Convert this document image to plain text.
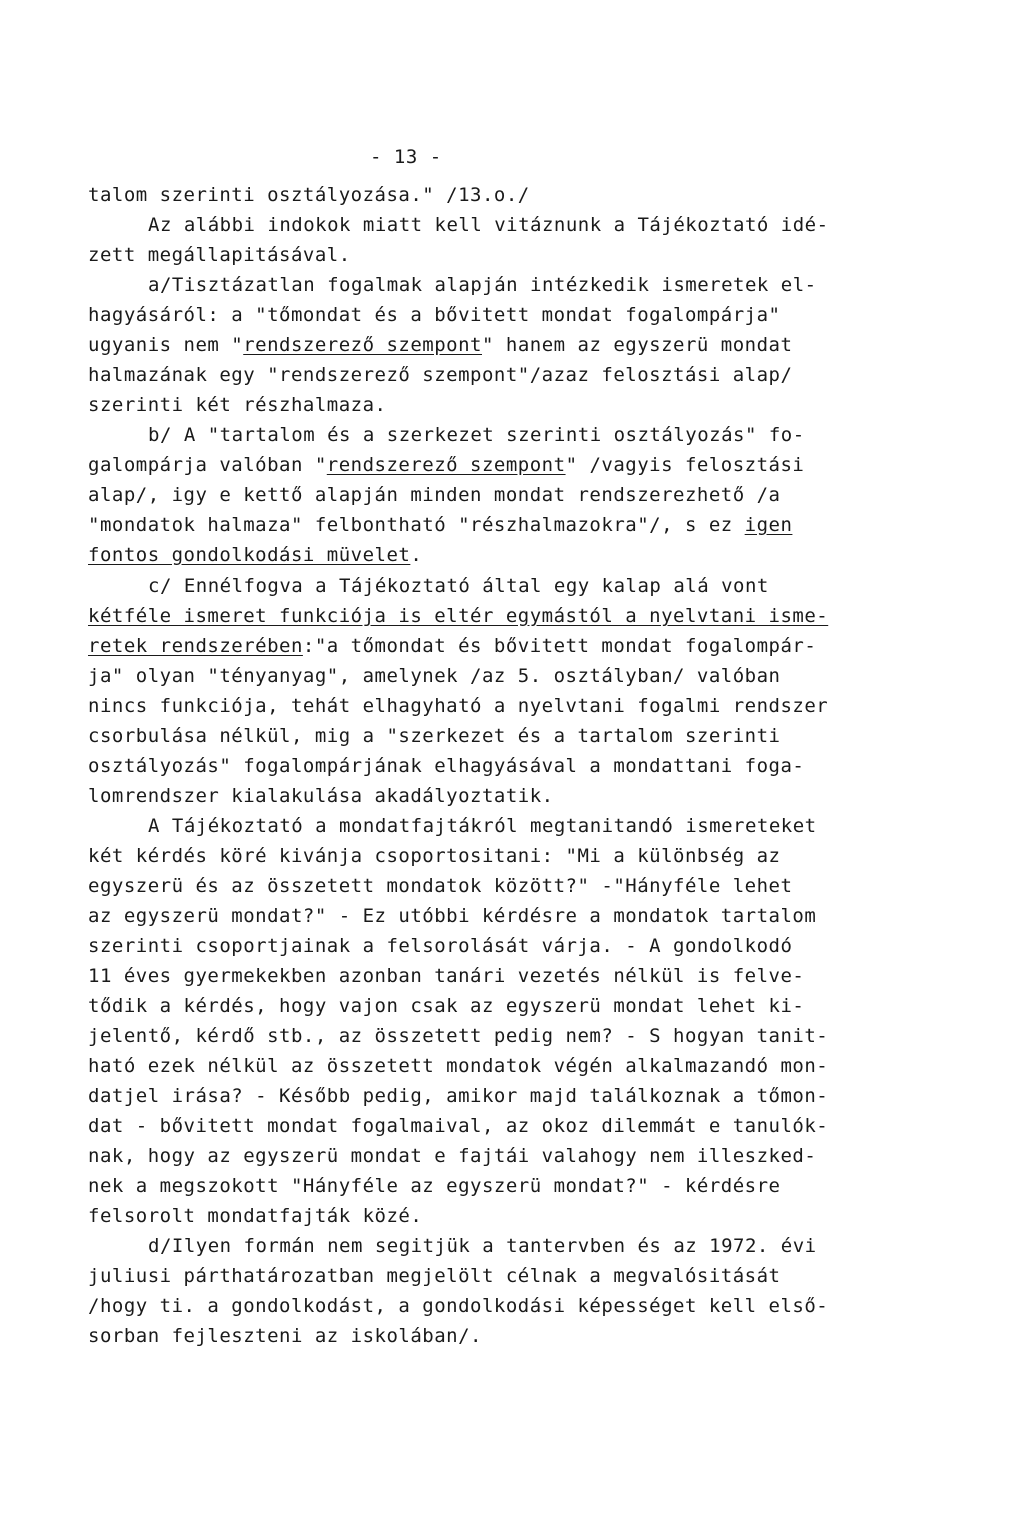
- 13 -
talom szerinti osztályozása." /13.o./
Az alábbi indokok miatt kell vitáznunk a Tájékoztató idé-
zett megállapitásával.
a/Tisztázatlan fogalmak alapján intézkedik ismeretek el-
hagyásáról: a "tőmondat és a bővitett mondat fogalompárja"
ugyanis nem "rendszerező szempont" hanem az egyszerü mondat
halmazának egy "rendszerező szempont"/azaz felosztási alap/
szerinti két részhalmaza.
b/ A "tartalom és a szerkezet szerinti osztályozás" fo-
galompárja valóban "rendszerező szempont" /vagyis felosztási
alap/, igy e kettő alapján minden mondat rendszerezhető /a
"mondatok halmaza" felbontható "részhalmazokra"/, s ez igen
fontos gondolkodási müvelet.
c/ Ennélfogva a Tájékoztató által egy kalap alá vont
kétféle ismeret funkciója is eltér egymástól a nyelvtani isme-
retek rendszerében:"a tőmondat és bővitett mondat fogalompár-
ja" olyan "tényanyag", amelynek /az 5. osztályban/ valóban
nincs funkciója, tehát elhagyható a nyelvtani fogalmi rendszer
csorbulása nélkül, mig a "szerkezet és a tartalom szerinti
osztályozás" fogalompárjának elhagyásával a mondattani foga-
lomrendszer kialakulása akadályoztatik.
A Tájékoztató a mondatfajtákról megtanitandó ismereteket
két kérdés köré kivánja csoportositani: "Mi a különbség az
egyszerü és az összetett mondatok között?" -"Hányféle lehet
az egyszerü mondat?" - Ez utóbbi kérdésre a mondatok tartalom
szerinti csoportjainak a felsorolását várja. - A gondolkodó
11 éves gyermekekben azonban tanári vezetés nélkül is felve-
tődik a kérdés, hogy vajon csak az egyszerü mondat lehet ki-
jelentő, kérdő stb., az összetett pedig nem? - S hogyan tanit-
ható ezek nélkül az összetett mondatok végén alkalmazandó mon-
datjel irása? - Később pedig, amikor majd találkoznak a tőmon-
dat - bővitett mondat fogalmaival, az okoz dilemmát e tanulók-
nak, hogy az egyszerü mondat e fajtái valahogy nem illeszked-
nek a megszokott "Hányféle az egyszerü mondat?" - kérdésre
felsorolt mondatfajták közé.
d/Ilyen formán nem segitjük a tantervben és az 1972. évi
juliusi párthatározatban megjelölt célnak a megvalósitását
/hogy ti. a gondolkodást, a gondolkodási képességet kell első-
sorban fejleszteni az iskolában/.
